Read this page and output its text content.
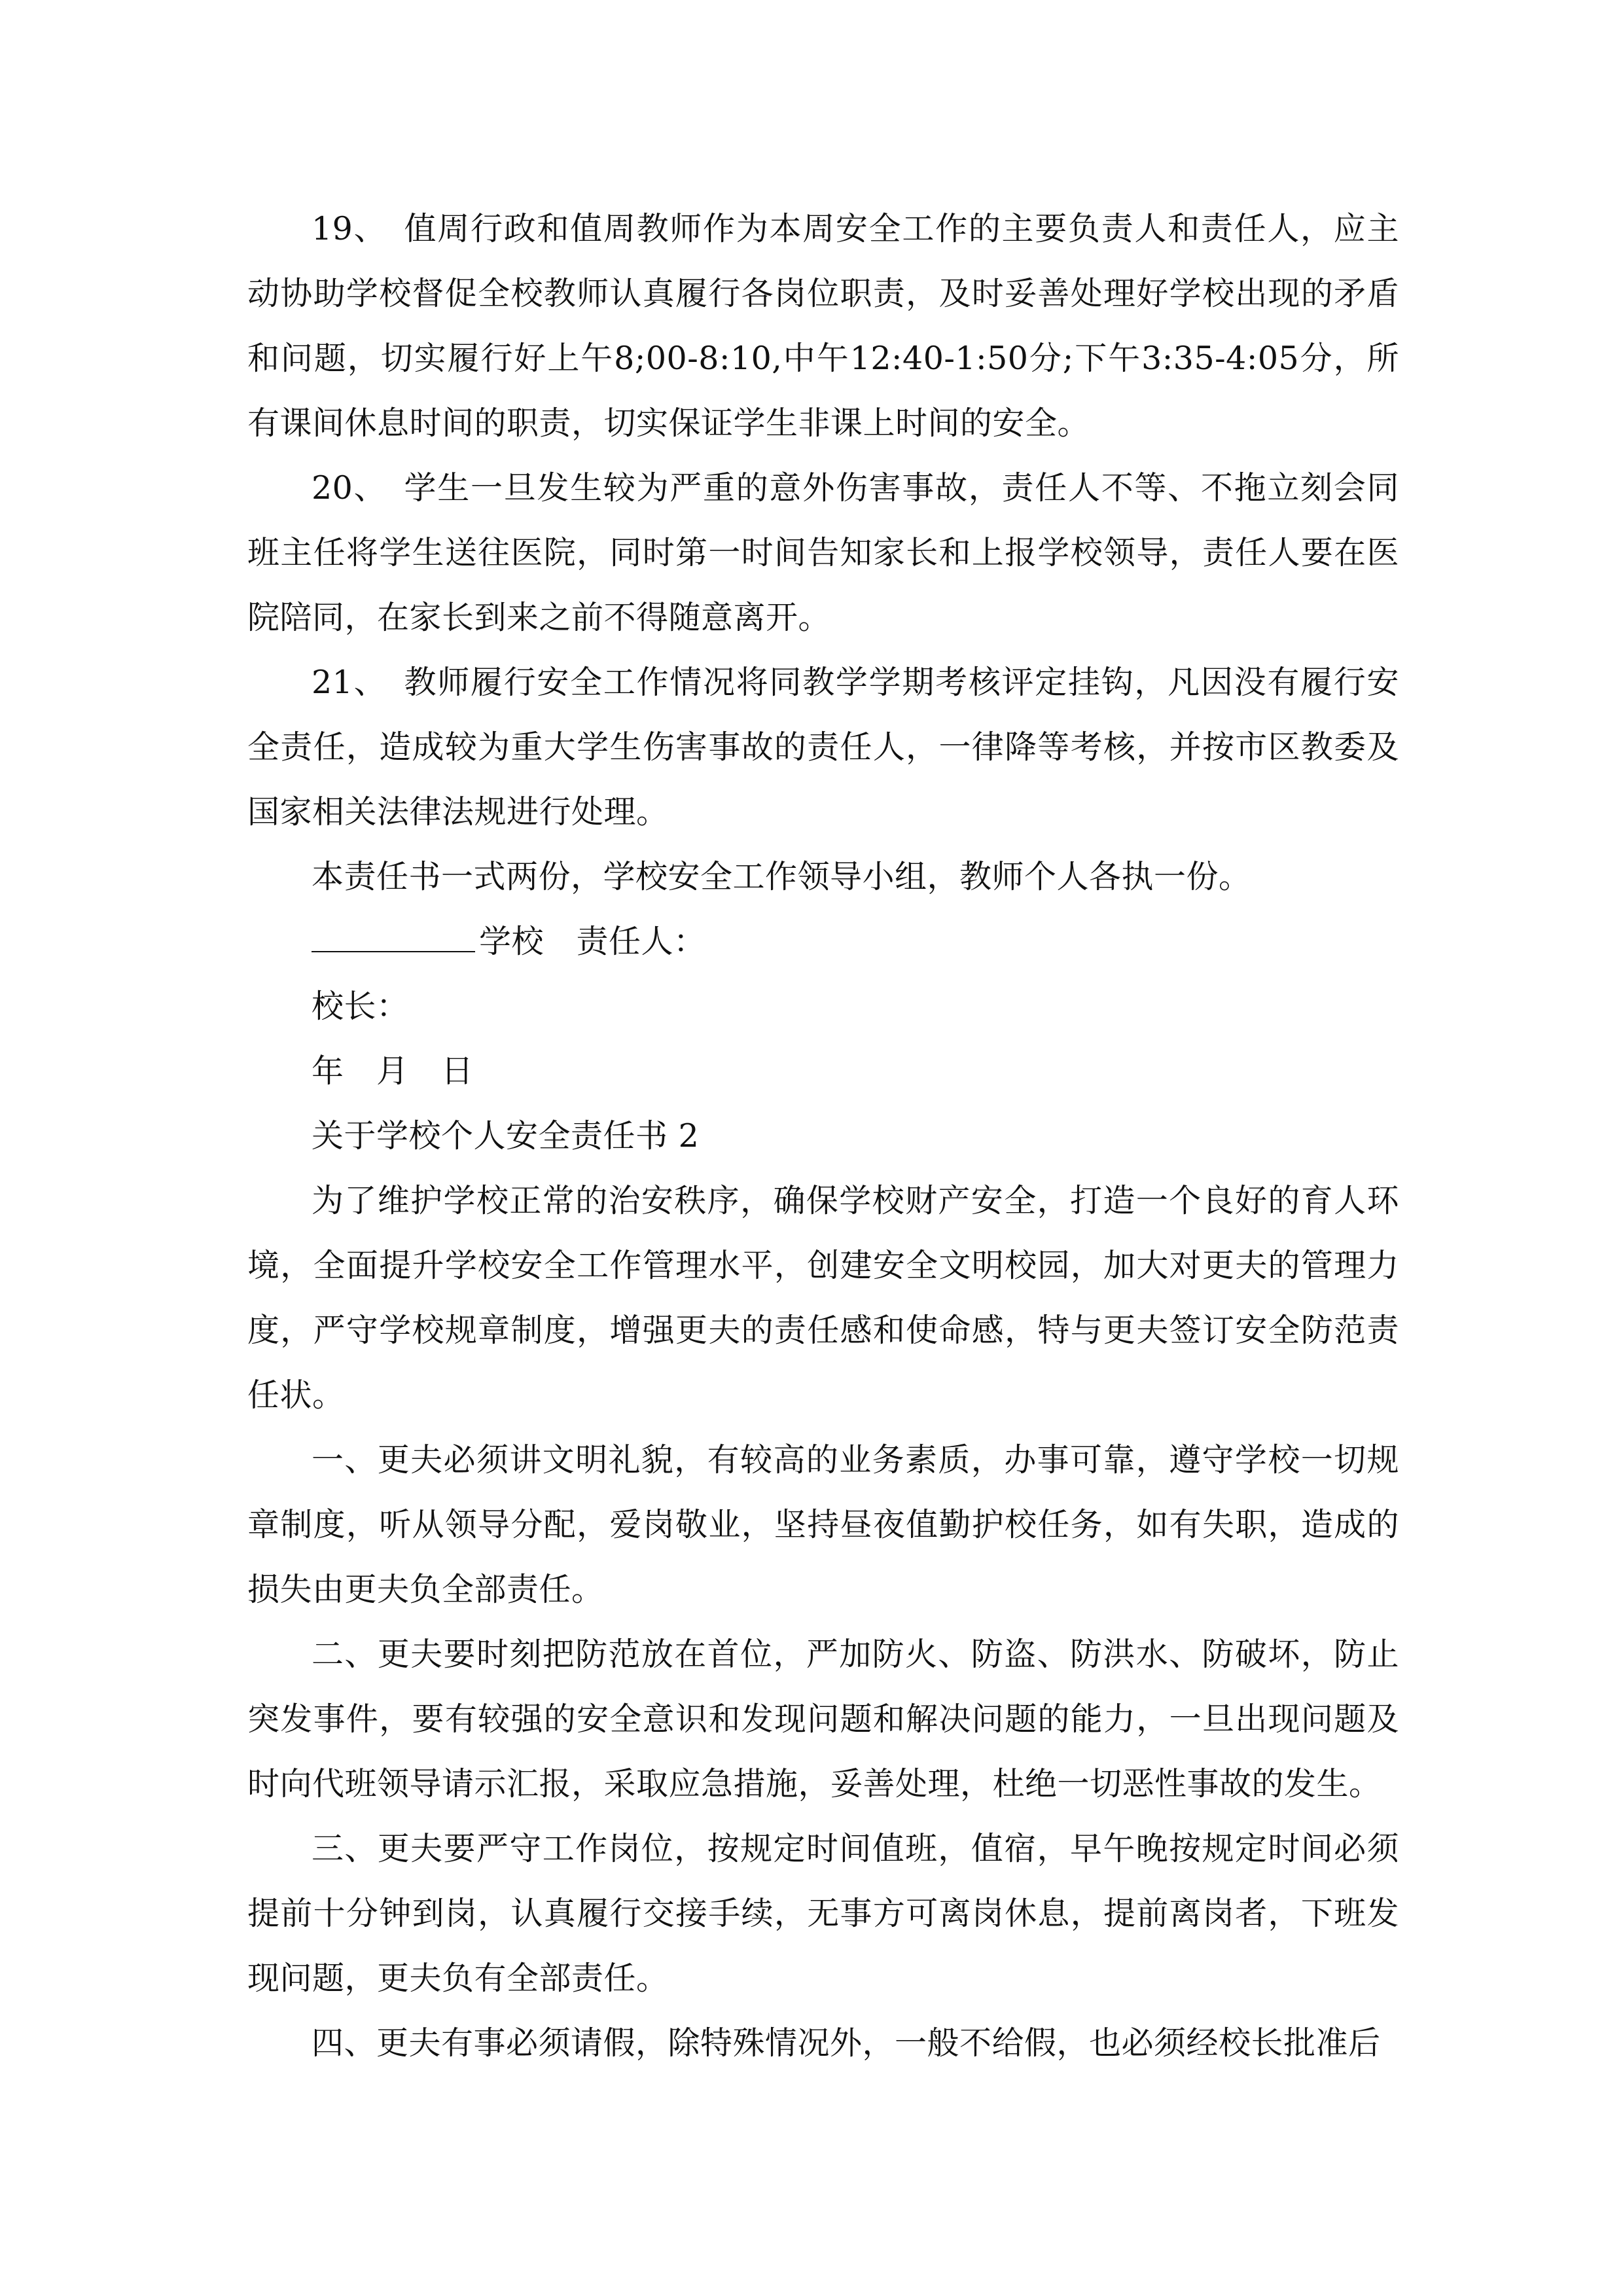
19、　值周行政和值周教师作为本周安全工作的主要负责人和责任人，应主动协助学校督促全校教师认真履行各岗位职责，及时妥善处理好学校出现的矛盾和问题，切实履行好上午8;00-8:10,中午12:40-1:50分;下午3:35-4:05分，所有课间休息时间的职责，切实保证学生非课上时间的安全。

20、　学生一旦发生较为严重的意外伤害事故，责任人不等、不拖立刻会同班主任将学生送往医院，同时第一时间告知家长和上报学校领导，责任人要在医院陪同，在家长到来之前不得随意离开。

21、　教师履行安全工作情况将同教学学期考核评定挂钩，凡因没有履行安全责任，造成较为重大学生伤害事故的责任人，一律降等考核，并按市区教委及国家相关法律法规进行处理。

本责任书一式两份，学校安全工作领导小组，教师个人各执一份。

学校　责任人：

校长：

年　月　日

关于学校个人安全责任书 2

为了维护学校正常的治安秩序，确保学校财产安全，打造一个良好的育人环境，全面提升学校安全工作管理水平，创建安全文明校园，加大对更夫的管理力度，严守学校规章制度，增强更夫的责任感和使命感，特与更夫签订安全防范责任状。

一、更夫必须讲文明礼貌，有较高的业务素质，办事可靠，遵守学校一切规章制度，听从领导分配，爱岗敬业，坚持昼夜值勤护校任务，如有失职，造成的损失由更夫负全部责任。

二、更夫要时刻把防范放在首位，严加防火、防盗、防洪水、防破坏，防止突发事件，要有较强的安全意识和发现问题和解决问题的能力，一旦出现问题及时向代班领导请示汇报，采取应急措施，妥善处理，杜绝一切恶性事故的发生。

三、更夫要严守工作岗位，按规定时间值班，值宿，早午晚按规定时间必须提前十分钟到岗，认真履行交接手续，无事方可离岗休息，提前离岗者，下班发现问题，更夫负有全部责任。

四、更夫有事必须请假，除特殊情况外，一般不给假，也必须经校长批准后
